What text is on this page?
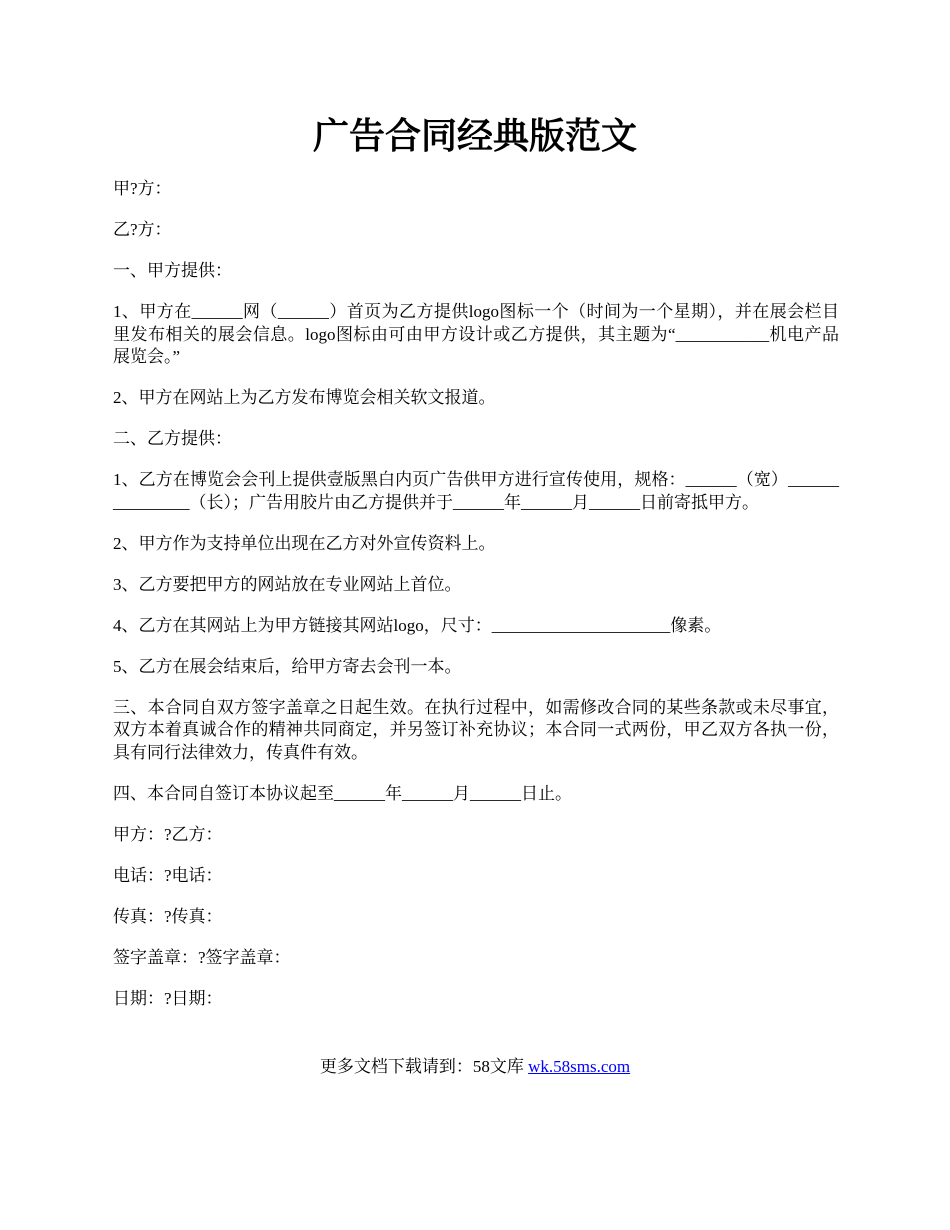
广告合同经典版范文

甲?方：

乙?方：

一、甲方提供：

1、甲方在______网（______）首页为乙方提供logo图标一个（时间为一个星期），并在展会栏目里发布相关的展会信息。logo图标由可由甲方设计或乙方提供，其主题为“___________机电产品展览会。”

2、甲方在网站上为乙方发布博览会相关软文报道。

二、乙方提供：

1、乙方在博览会会刊上提供壹版黑白内页广告供甲方进行宣传使用，规格：______（宽）_______________（长）；广告用胶片由乙方提供并于______年______月______日前寄抵甲方。

2、甲方作为支持单位出现在乙方对外宣传资料上。

3、乙方要把甲方的网站放在专业网站上首位。

4、乙方在其网站上为甲方链接其网站logo，尺寸：_____________________像素。

5、乙方在展会结束后，给甲方寄去会刊一本。

三、本合同自双方签字盖章之日起生效。在执行过程中，如需修改合同的某些条款或未尽事宜，双方本着真诚合作的精神共同商定，并另签订补充协议；本合同一式两份，甲乙双方各执一份，具有同行法律效力，传真件有效。

四、本合同自签订本协议起至______年______月______日止。

甲方：?乙方：

电话：?电话：

传真：?传真：

签字盖章：?签字盖章：

日期：?日期：

更多文档下载请到：58文库 wk.58sms.com
